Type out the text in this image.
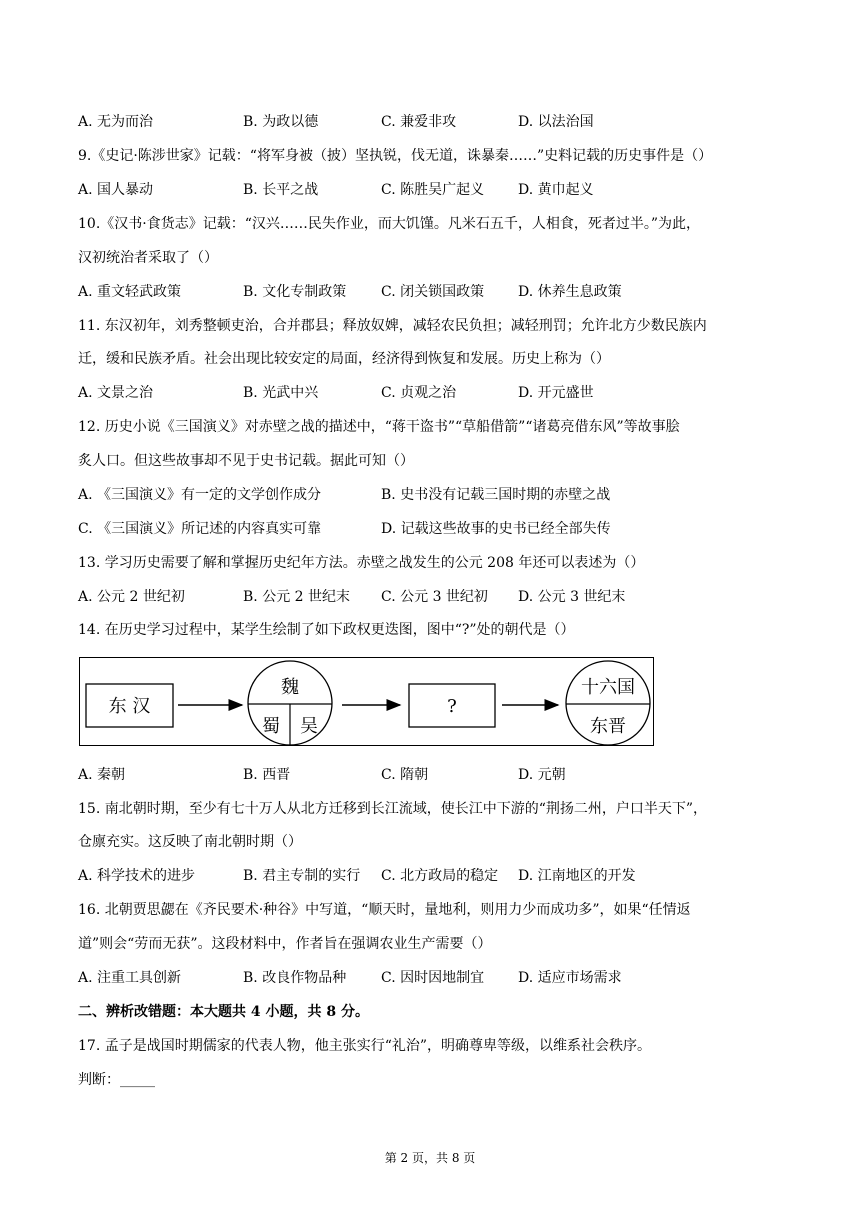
A. 无为而治	B. 为政以德	C. 兼爱非攻	D. 以法治国
9.《史记·陈涉世家》记载：“将军身被（披）坚执锐，伐无道，诛暴秦……”史料记载的历史事件是（）
A. 国人暴动	B. 长平之战	C. 陈胜吴广起义 D. 黄巾起义
10.《汉书·食货志》记载：“汉兴……民失作业，而大饥馑。凡米石五千，人相食，死者过半。”为此，
汉初统治者采取了（）
A. 重文轻武政策	B. 文化专制政策 C. 闭关锁国政策 D. 休养生息政策
11. 东汉初年，刘秀整顿吏治，合并郡县；释放奴婢，减轻农民负担；减轻刑罚；允许北方少数民族内
迁，缓和民族矛盾。社会出现比较安定的局面，经济得到恢复和发展。历史上称为（）
A. 文景之治	B. 光武中兴	C. 贞观之治	D. 开元盛世
12. 历史小说《三国演义》对赤壁之战的描述中，“蒋干盗书”“草船借箭”“诸葛亮借东风”等故事脍
炙人口。但这些故事却不见于史书记载。据此可知（）
A. 《三国演义》有一定的文学创作成分	B. 史书没有记载三国时期的赤壁之战
C. 《三国演义》所记述的内容真实可靠	D. 记载这些故事的史书已经全部失传
13. 学习历史需要了解和掌握历史纪年方法。赤壁之战发生的公元 208 年还可以表述为（）
A. 公元 2 世纪初	B. 公元 2 世纪末 C. 公元 3 世纪初 D. 公元 3 世纪末
14. 在历史学习过程中，某学生绘制了如下政权更迭图，图中“?”处的朝代是（）
东 汉
魏
蜀 吴
?
十六国
东晋
A. 秦朝	B. 西晋	C. 隋朝	D. 元朝
15. 南北朝时期，至少有七十万人从北方迁移到长江流域，使长江中下游的“荆扬二州，户口半天下”，
仓廪充实。这反映了南北朝时期（）
A. 科学技术的进步	B. 君主专制的实行 C. 北方政局的稳定 D. 江南地区的开发
16. 北朝贾思勰在《齐民要术·种谷》中写道，“顺天时，量地利，则用力少而成功多”，如果“任情返
道”则会“劳而无获”。这段材料中，作者旨在强调农业生产需要（）
A. 注重工具创新	B. 改良作物品种 C. 因时因地制宜 D. 适应市场需求
二、辨析改错题：本大题共 4 小题，共 8 分。
17. 孟子是战国时期儒家的代表人物，他主张实行“礼治”，明确尊卑等级，以维系社会秩序。
判断：_____
第 2 页，共 8 页
